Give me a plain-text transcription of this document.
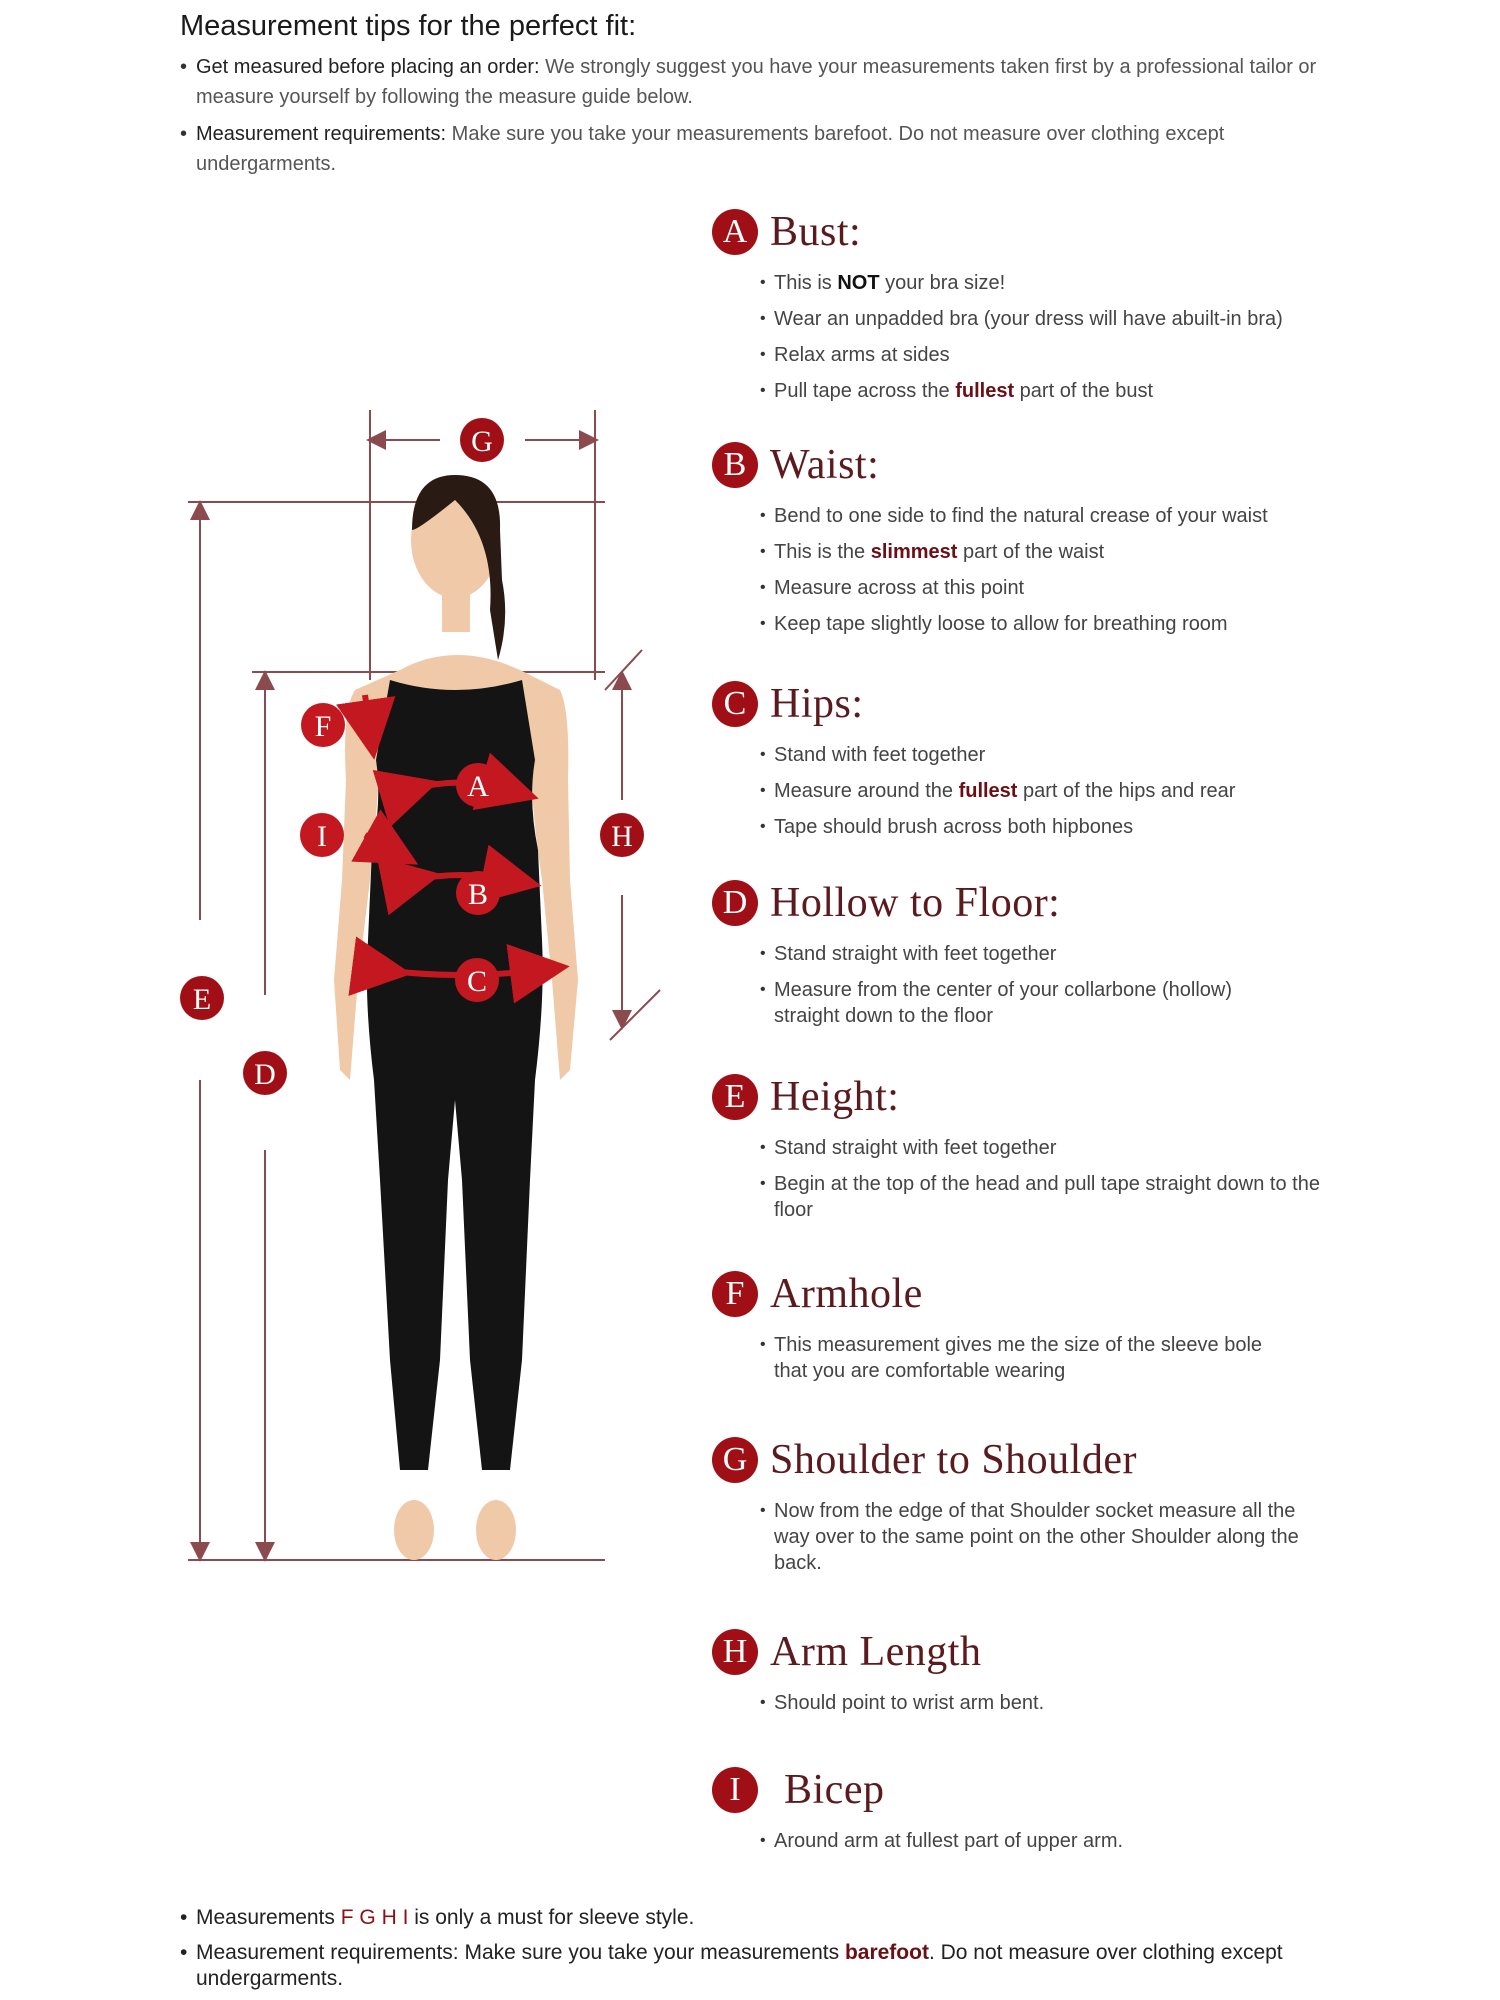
Measurement tips for the perfect fit:
• Get measured before placing an order: We strongly suggest you have your measurements taken first by a professional tailor or measure yourself by following the measure guide below.
• Measurement requirements: Make sure you take your measurements barefoot. Do not measure over clothing except undergarments.
G
F
A
I	H
B
C
E
D
A Bust:
• This is NOT your bra size!
• Wear an unpadded bra (your dress will have abuilt-in bra)
• Relax arms at sides
• Pull tape across the fullest part of the bust
B Waist:
• Bend to one side to find the natural crease of your waist
• This is the slimmest part of the waist
• Measure across at this point
• Keep tape slightly loose to allow for breathing room
C Hips:
• Stand with feet together
• Measure around the fullest part of the hips and rear
• Tape should brush across both hipbones
D Hollow to Floor:
• Stand straight with feet together
• Measure from the center of your collarbone (hollow) straight down to the floor
E Height:
• Stand straight with feet together
• Begin at the top of the head and pull tape straight down to the floor
F Armhole
• This measurement gives me the size of the sleeve bole that you are comfortable wearing
G Shoulder to Shoulder
• Now from the edge of that Shoulder socket measure all the way over to the same point on the other Shoulder along the back.
H Arm Length
• Should point to wrist arm bent.
I	Bicep
• Around arm at fullest part of upper arm.
• Measurements F G H I is only a must for sleeve style.
• Measurement requirements: Make sure you take your measurements barefoot. Do not measure over clothing except undergarments.
